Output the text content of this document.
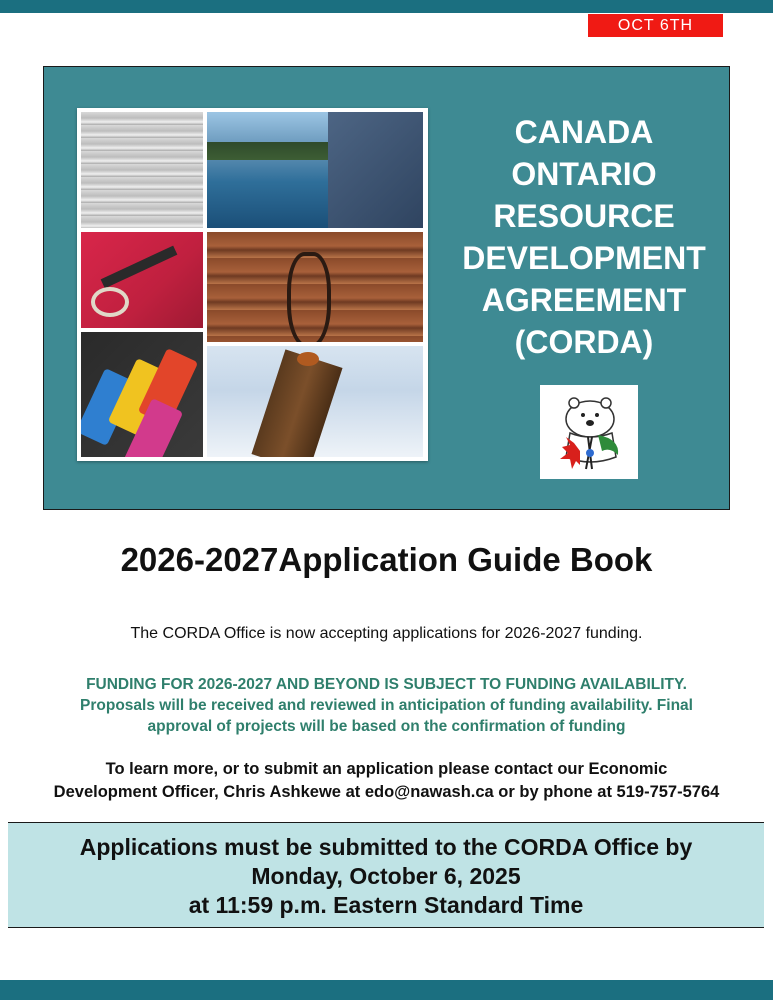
OCT 6TH
CANADA
ONTARIO
RESOURCE
DEVELOPMENT
AGREEMENT
(CORDA)
2026-2027Application Guide Book
The CORDA Office is now accepting applications for 2026-2027 funding.
FUNDING FOR 2026-2027 AND BEYOND IS SUBJECT TO FUNDING AVAILABILITY.
Proposals will be received and reviewed in anticipation of funding availability. Final
approval of projects will be based on the confirmation of funding
To learn more, or to submit an application please contact our Economic
Development Officer, Chris Ashkewe at edo@nawash.ca or by phone at 519-757-5764
Applications must be submitted to the CORDA Office by
Monday, October 6, 2025
at 11:59 p.m. Eastern Standard Time
